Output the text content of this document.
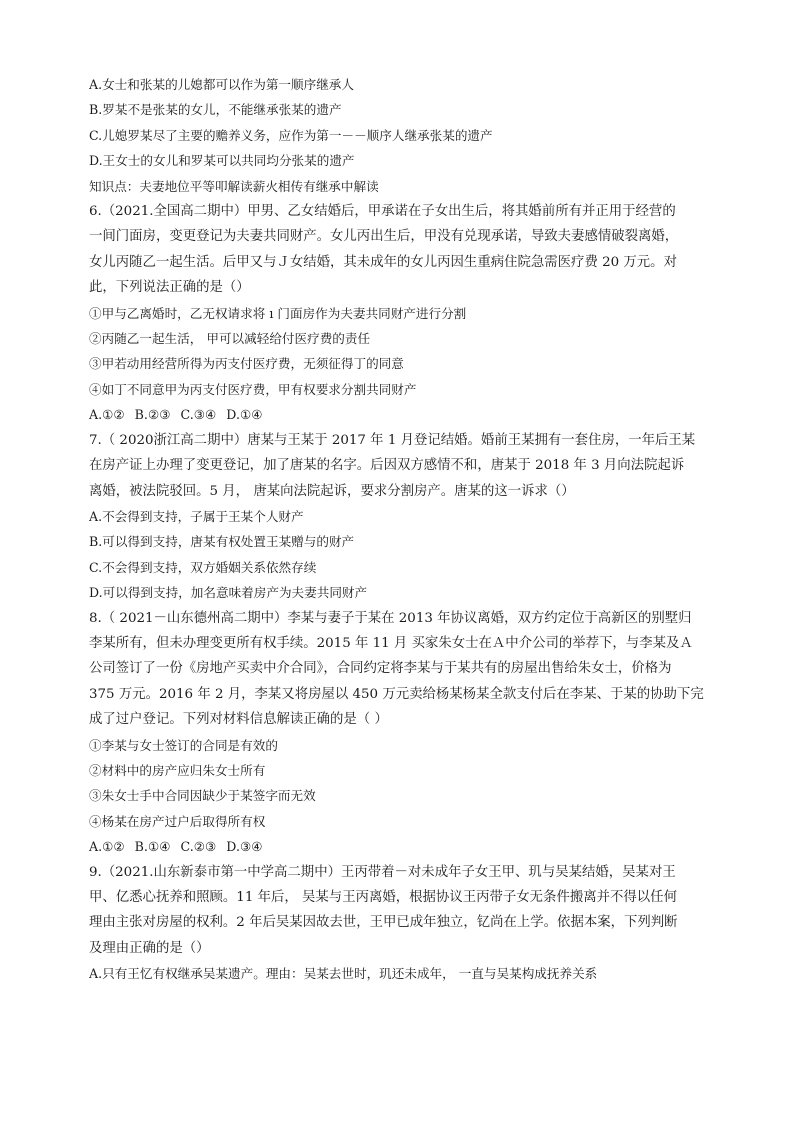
A.女士和张某的儿媳都可以作为第一顺序继承人
B.罗某不是张某的女儿，不能继承张某的遗产
C.儿媳罗某尽了主要的赡养义务，应作为第一－－顺序人继承张某的遗产
D.王女士的女儿和罗某可以共同均分张某的遗产
知识点：夫妻地位平等叩解读薪火相传有继承中解读
6.（2021.全国高二期中）甲男、乙女结婚后，甲承诺在子女出生后，将其婚前所有并正用于经营的
一间门面房，变更登记为夫妻共同财产。女儿丙出生后，甲没有兑现承诺，导致夫妻感情破裂离婚，
女儿丙随乙一起生活。后甲又与Ｊ女结婚，其未成年的女儿丙因生重病住院急需医疗费 20 万元。对
此，下列说法正确的是（）
①甲与乙离婚时，乙无权请求将 ı 门面房作为夫妻共同财产进行分割
②丙随乙一起生活， 甲可以减轻给付医疗费的责任
③甲若动用经营所得为丙支付医疗费，无须征得丁的同意
④如丁不同意甲为丙支付医疗费，甲有权要求分割共同财产
A.①② B.②③ C.③④ D.①④
7.（ 2020浙江高二期中）唐某与王某于 2017 年 1 月登记结婚。婚前王某拥有一套住房，一年后王某
在房产证上办理了变更登记，加了唐某的名字。后因双方感情不和，唐某于 2018 年 3 月向法院起诉
离婚，被法院驳回。5 月， 唐某向法院起诉，要求分割房产。唐某的这一诉求（）
A.不会得到支持，子属于王某个人财产
B.可以得到支持，唐某有权处置王某赠与的财产
C.不会得到支持，双方婚姻关系依然存续
D.可以得到支持，加名意味着房产为夫妻共同财产
8.（ 2021－山东德州高二期中）李某与妻子于某在 2013 年协议离婚，双方约定位于高新区的别墅归
李某所有，但未办理变更所有权手续。2015 年 11 月 买家朱女士在Ａ中介公司的举荐下，与李某及Ａ
公司签订了一份《房地产买卖中介合同》，合同约定将李某与于某共有的房屋出售给朱女士，价格为
375 万元。2016 年 2 月，李某又将房屋以 450 万元卖给杨某杨某全款支付后在李某、于某的协助下完
成了过户登记。下列对材料信息解读正确的是（ ）
①李某与女士签订的合同是有效的
②材料中的房产应归朱女士所有
③朱女士手中合同因缺少于某签字而无效
④杨某在房产过户后取得所有权
A.①② B.①④ C.②③ D.③④
9.（2021.山东新泰市第一中学高二期中）王丙带着－对未成年子女王甲、玑与吴某结婚，吴某对王
甲、亿悉心抚养和照顾。11 年后， 吴某与王丙离婚，根据协议王丙带子女无条件搬离并不得以任何
理由主张对房屋的权利。2 年后吴某因故去世，王甲已成年独立，钇尚在上学。依据本案，下列判断
及理由正确的是（）
A.只有王忆有权继承吴某遗产。理由：吴某去世时，玑还未成年， 一直与吴某构成抚养关系
